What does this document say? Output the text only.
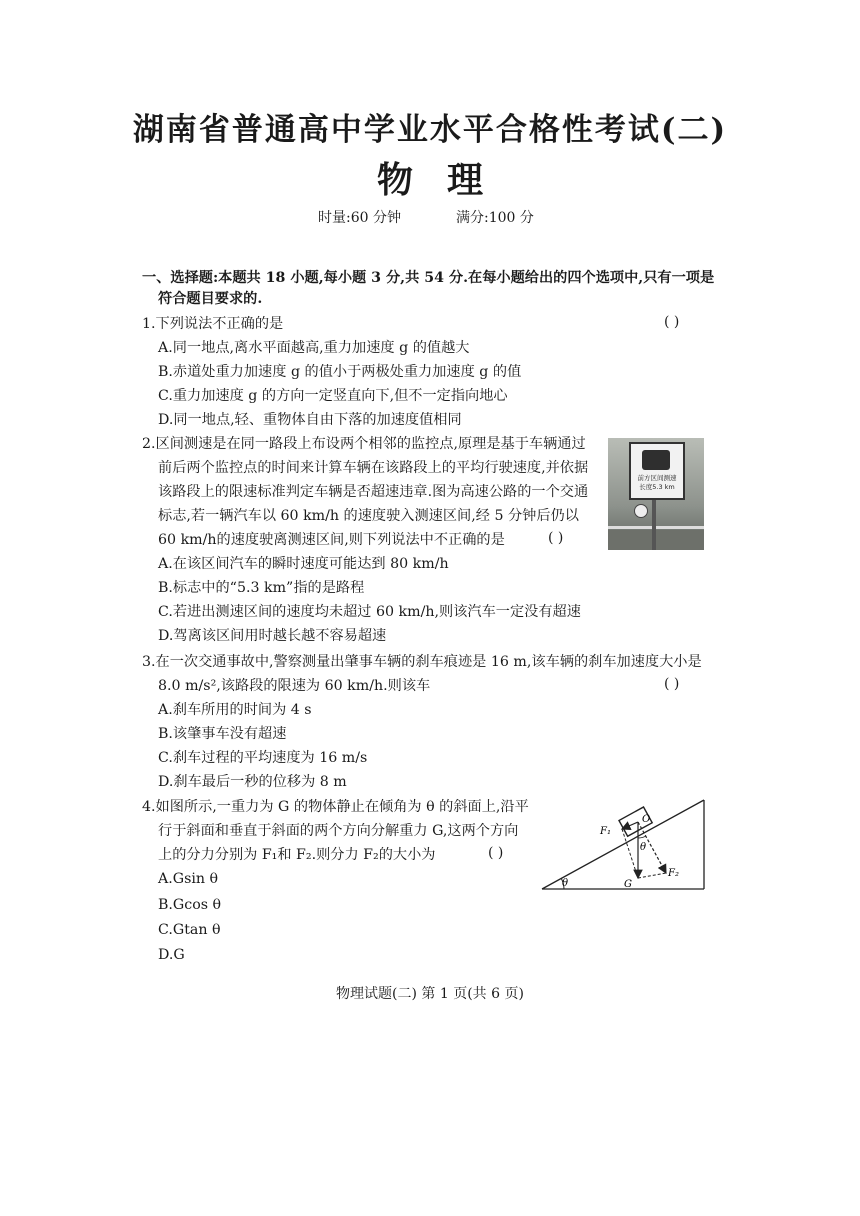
湖南省普通高中学业水平合格性考试(二)
物理
时量:60 分钟	满分:100 分
一、选择题:本题共 18 小题,每小题 3 分,共 54 分.在每小题给出的四个选项中,只有一项是
符合题目要求的.
1.下列说法不正确的是	( )
A.同一地点,离水平面越高,重力加速度 g 的值越大
B.赤道处重力加速度 g 的值小于两极处重力加速度 g 的值
C.重力加速度 g 的方向一定竖直向下,但不一定指向地心
D.同一地点,轻、重物体自由下落的加速度值相同
2.区间测速是在同一路段上布设两个相邻的监控点,原理是基于车辆通过
前后两个监控点的时间来计算车辆在该路段上的平均行驶速度,并依据
该路段上的限速标准判定车辆是否超速违章.图为高速公路的一个交通
标志,若一辆汽车以 60 km/h 的速度驶入测速区间,经 5 分钟后仍以
60 km/h的速度驶离测速区间,则下列说法中不正确的是	( )
A.在该区间汽车的瞬时速度可能达到 80 km/h
B.标志中的“5.3 km”指的是路程
C.若进出测速区间的速度均未超过 60 km/h,则该汽车一定没有超速
D.驾离该区间用时越长越不容易超速
前方区间测速
长度5.3 km
3.在一次交通事故中,警察测量出肇事车辆的刹车痕迹是 16 m,该车辆的刹车加速度大小是
8.0 m/s²,该路段的限速为 60 km/h.则该车	( )
A.刹车所用的时间为 4 s
B.该肇事车没有超速
C.刹车过程的平均速度为 16 m/s
D.刹车最后一秒的位移为 8 m
4.如图所示,一重力为 G 的物体静止在倾角为 θ 的斜面上,沿平
行于斜面和垂直于斜面的两个方向分解重力 G,这两个方向
上的分力分别为 F₁和 F₂.则分力 F₂的大小为	( )
A.Gsin θ
B.Gcos θ
C.Gtan θ
D.G
O
F₁
F₂
G
θ
θ
物理试题(二) 第 1 页(共 6 页)
